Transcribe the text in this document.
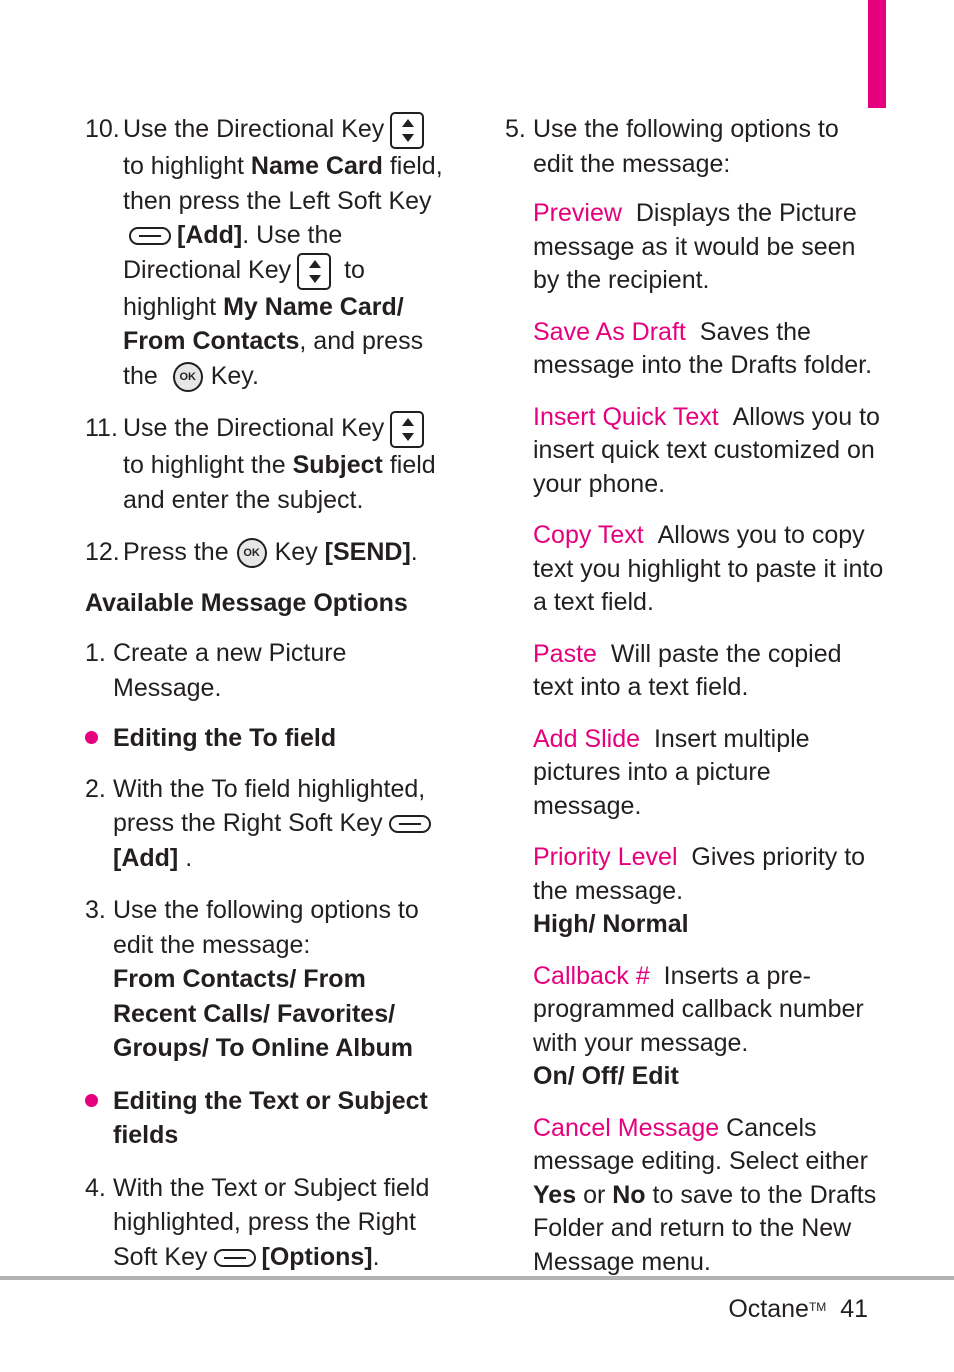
10. Use the Directional Key
to highlight Name Card field, then press the Left Soft Key[Add]. Use the Directional Key to highlight My Name Card/ From Contacts, and press the OK Key.
11. Use the Directional Key
to highlight the Subject field and enter the subject.
12. Press the OK Key [SEND].
Available Message Options
1. Create a new Picture Message.
Editing the To field
2. With the To field highlighted, press the Right Soft Key [Add] .
3. Use the following options to edit the message:
From Contacts/ From Recent Calls/ Favorites/ Groups/ To Online Album
Editing the Text or Subject fields
4. With the Text or Subject field highlighted, press the Right Soft Key [Options].
5. Use the following options to edit the message:
Preview Displays the Picture message as it would be seen by the recipient.
Save As Draft Saves the message into the Drafts folder.
Insert Quick Text Allows you to insert quick text customized on your phone.
Copy Text Allows you to copy text you highlight to paste it into a text field.
Paste Will paste the copied text into a text field.
Add Slide Insert multiple pictures into a picture message.
Priority Level Gives priority to the message.
High/ Normal
Callback # Inserts a pre-programmed callback number with your message.
On/ Off/ Edit
Cancel Message Cancels message editing. Select either Yes or No to save to the Drafts Folder and return to the New Message menu.
Octane™ 41
